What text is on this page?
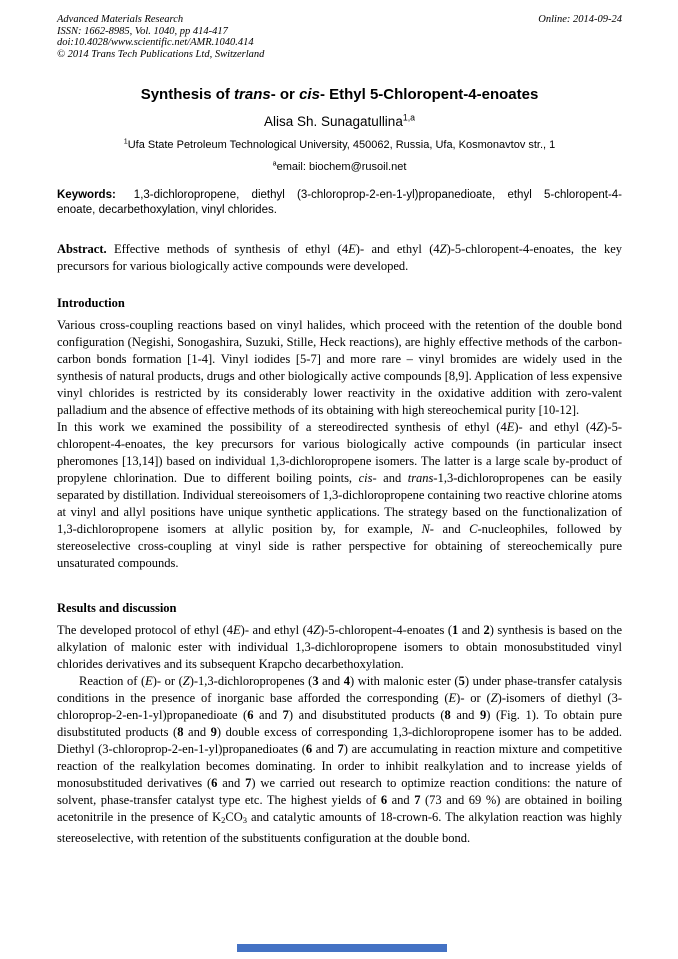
Advanced Materials Research
ISSN: 1662-8985, Vol. 1040, pp 414-417
doi:10.4028/www.scientific.net/AMR.1040.414
© 2014 Trans Tech Publications Ltd, Switzerland
Online: 2014-09-24
Synthesis of trans- or cis- Ethyl 5-Chloropent-4-enoates
Alisa Sh. Sunagatullina$^{1,a}$
$^1$Ufa State Petroleum Technological University, 450062, Russia, Ufa, Kosmonavtov str., 1
$^a$email: biochem@rusoil.net

Keywords: 1,3-dichloropropene, diethyl (3-chloroprop-2-en-1-yl)propanedioate, ethyl 5-chloropent-4-enoate, decarbethoxylation, vinyl chlorides.

Abstract. Effective methods of synthesis of ethyl (4E)- and ethyl (4Z)-5-chloropent-4-enoates, the key precursors for various biologically active compounds were developed.

Introduction

Various cross-coupling reactions based on vinyl halides, which proceed with the retention of the double bond configuration (Negishi, Sonogashira, Suzuki, Stille, Heck reactions), are highly effective methods of the carbon-carbon bonds formation [1-4]. Vinyl iodides [5-7] and more rare – vinyl bromides are widely used in the synthesis of natural products, drugs and other biologically active compounds [8,9]. Application of less expensive vinyl chlorides is restricted by its considerably lower reactivity in the oxidative addition with zero-valent palladium and the absence of effective methods of its obtaining with high stereochemical purity [10-12].

In this work we examined the possibility of a stereodirected synthesis of ethyl (4E)- and ethyl (4Z)-5-chloropent-4-enoates, the key precursors for various biologically active compounds (in particular insect pheromones [13,14]) based on individual 1,3-dichloropropene isomers. The latter is a large scale by-product of propylene chlorination. Due to different boiling points, cis- and trans-1,3-dichloropropenes can be easily separated by distillation. Individual stereoisomers of 1,3-dichloropropene containing two reactive chlorine atoms at vinyl and allyl positions have unique synthetic applications. The strategy based on the functionalization of 1,3-dichloropropene isomers at allylic position by, for example, N- and C-nucleophiles, followed by stereoselective cross-coupling at vinyl side is rather perspective for obtaining of stereochemically pure unsaturated compounds.

Results and discussion

The developed protocol of ethyl (4E)- and ethyl (4Z)-5-chloropent-4-enoates (1 and 2) synthesis is based on the alkylation of malonic ester with individual 1,3-dichloropropene isomers to obtain monosubstituded vinyl chlorides derivatives and its subsequent Krapcho decarbethoxylation.

Reaction of (E)- or (Z)-1,3-dichloropropenes (3 and 4) with malonic ester (5) under phase-transfer catalysis conditions in the presence of inorganic base afforded the corresponding (E)- or (Z)-isomers of diethyl (3-chloroprop-2-en-1-yl)propanedioate (6 and 7) and disubstituted products (8 and 9) (Fig. 1). To obtain pure disubstituted products (8 and 9) double excess of corresponding 1,3-dichloropropene isomer has to be added. Diethyl (3-chloroprop-2-en-1-yl)propanedioates (6 and 7) are accumulating in reaction mixture and competitive reaction of the realkylation becomes dominating. In order to inhibit realkylation and to increase yields of monosubstituded derivatives (6 and 7) we carried out research to optimize reaction conditions: the nature of solvent, phase-transfer catalyst type etc. The highest yields of 6 and 7 (73 and 69 %) are obtained in boiling acetonitrile in the presence of K2CO3 and catalytic amounts of 18-crown-6. The alkylation reaction was highly stereoselective, with retention of the substituents configuration at the double bond.
